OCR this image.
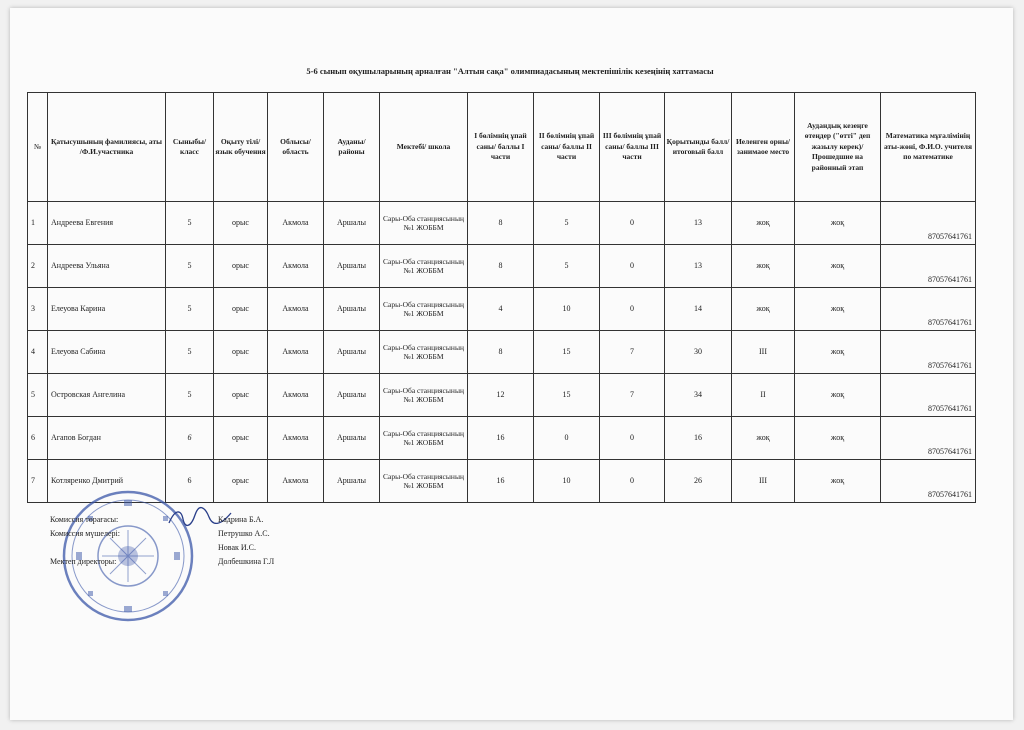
5-6 сынып оқушыларының арналған "Алтын сақа" олимпиадасының мектепішілік кезеңінің хаттамасы
№	Қатысушының фамилиясы, аты /Ф.И.участника	Сыныбы/ класс	Оқыту тілі/ язык обучения	Облысы/ область	Ауданы/ районы	Мектебі/ школа	I бөлімнің ұпай саны/ баллы I части	II бөлімнің ұпай саны/ баллы II части	III бөлімнің ұпай саны/ баллы III части	Қорытынды балл/ итоговый балл	Иеленген орны/ занимаое место	Аудандық кезеңге өтеңдер ("өтті" деп жазылу керек)/ Прошедшие на районный этап	Математика мұғалімінің аты-жөні, Ф.И.О. учителя по математике
1	Андреева Евгения	5	орыс	Акмола	Аршалы	Сары-Оба станциясының №1 ЖОББМ	8	5	0	13	жоқ	жоқ	87057641761
2	Андреева Ульяна	5	орыс	Акмола	Аршалы	Сары-Оба станциясының №1 ЖОББМ	8	5	0	13	жоқ	жоқ	87057641761
3	Елеуова Карина	5	орыс	Акмола	Аршалы	Сары-Оба станциясының №1 ЖОББМ	4	10	0	14	жоқ	жоқ	87057641761
4	Елеуова Сабина	5	орыс	Акмола	Аршалы	Сары-Оба станциясының №1 ЖОББМ	8	15	7	30	III	жоқ	87057641761
5	Островская Ангелина	5	орыс	Акмола	Аршалы	Сары-Оба станциясының №1 ЖОББМ	12	15	7	34	II	жоқ	87057641761
6	Агапов Богдан	6	орыс	Акмола	Аршалы	Сары-Оба станциясының №1 ЖОББМ	16	0	0	16	жоқ	жоқ	87057641761
7	Котляренко Дмитрий	6	орыс	Акмола	Аршалы	Сары-Оба станциясының №1 ЖОББМ	16	10	0	26	III	жоқ	87057641761
Комиссия төрағасы:	Кадрина Б.А.
Комиссия мүшелері:	Петрушко А.С.
Новак И.С.
Мектеп директоры:	Долбешкина Г.Л
